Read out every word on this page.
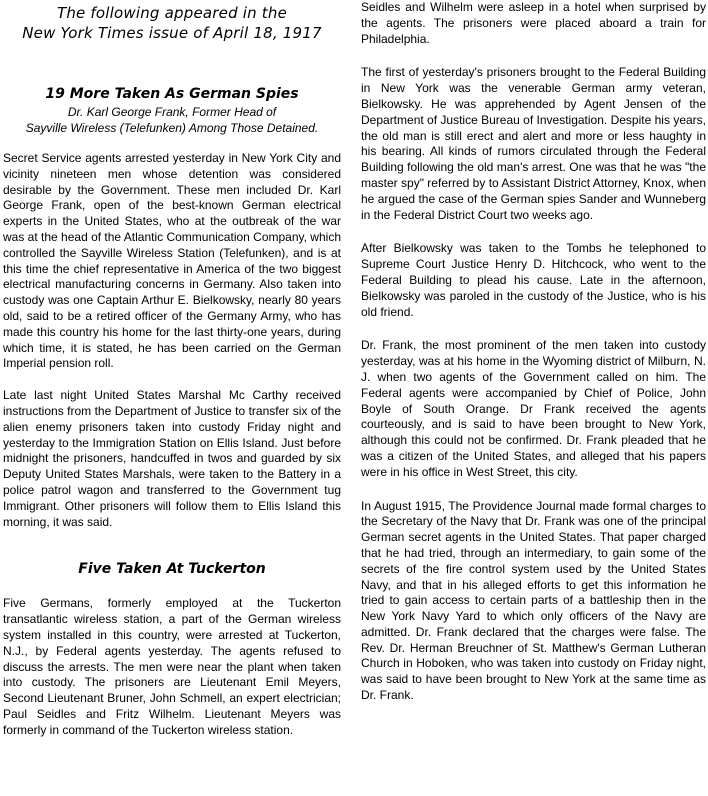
The following appeared in the

New York Times issue of April 18, 1917

19 More Taken As German Spies

Dr. Karl George Frank, Former Head of

Sayville Wireless (Telefunken) Among Those Detained.

Secret Service agents arrested yesterday in New York City and vicinity nineteen men whose detention was considered desirable by the Government. These men included Dr. Karl George Frank, open of the best-known German electrical experts in the United States, who at the outbreak of the war was at the head of the Atlantic Communication Company, which controlled the Sayville Wireless Station (Telefunken), and is at this time the chief representative in America of the two biggest electrical manufacturing concerns in Germany. Also taken into custody was one Captain Arthur E. Bielkowsky, nearly 80 years old, said to be a retired officer of the Germany Army, who has made this country his home for the last thirty-one years, during which time, it is stated, he has been carried on the German Imperial pension roll.

Late last night United States Marshal Mc Carthy received instructions from the Department of Justice to transfer six of the alien enemy prisoners taken into custody Friday night and yesterday to the Immigration Station on Ellis Island. Just before midnight the prisoners, handcuffed in twos and guarded by six Deputy United States Marshals, were taken to the Battery in a police patrol wagon and transferred to the Government tug Immigrant. Other prisoners will follow them to Ellis Island this morning, it was said.

Five Taken At Tuckerton

Five Germans, formerly employed at the Tuckerton transatlantic wireless station, a part of the German wireless system installed in this country, were arrested at Tuckerton, N.J., by Federal agents yesterday. The agents refused to discuss the arrests. The men were near the plant when taken into custody. The prisoners are Lieutenant Emil Meyers, Second Lieutenant Bruner, John Schmell, an expert electrician; Paul Seidles and Fritz Wilhelm. Lieutenant Meyers was formerly in command of the Tuckerton wireless station.

Seidles and Wilhelm were asleep in a hotel when surprised by the agents. The prisoners were placed aboard a train for Philadelphia.

The first of yesterday's prisoners brought to the Federal Building in New York was the venerable German army veteran, Bielkowsky. He was apprehended by Agent Jensen of the Department of Justice Bureau of Investigation. Despite his years, the old man is still erect and alert and more or less haughty in his bearing. All kinds of rumors circulated through the Federal Building following the old man's arrest. One was that he was "the master spy" referred by to Assistant District Attorney, Knox, when he argued the case of the German spies Sander and Wunneberg in the Federal District Court two weeks ago.

After Bielkowsky was taken to the Tombs he telephoned to Supreme Court Justice Henry D. Hitchcock, who went to the Federal Building to plead his cause. Late in the afternoon, Bielkowsky was paroled in the custody of the Justice, who is his old friend.

Dr. Frank, the most prominent of the men taken into custody yesterday, was at his home in the Wyoming district of Milburn, N. J. when two agents of the Government called on him. The Federal agents were accompanied by Chief of Police, John Boyle of South Orange. Dr Frank received the agents courteously, and is said to have been brought to New York, although this could not be confirmed. Dr. Frank pleaded that he was a citizen of the United States, and alleged that his papers were in his office in West Street, this city.

In August 1915, The Providence Journal made formal charges to the Secretary of the Navy that Dr. Frank was one of the principal German secret agents in the United States. That paper charged that he had tried, through an intermediary, to gain some of the secrets of the fire control system used by the United States Navy, and that in his alleged efforts to get this information he tried to gain access to certain parts of a battleship then in the New York Navy Yard to which only officers of the Navy are admitted. Dr. Frank declared that the charges were false. The Rev. Dr. Herman Breuchner of St. Matthew's German Lutheran Church in Hoboken, who was taken into custody on Friday night, was said to have been brought to New York at the same time as Dr. Frank.
